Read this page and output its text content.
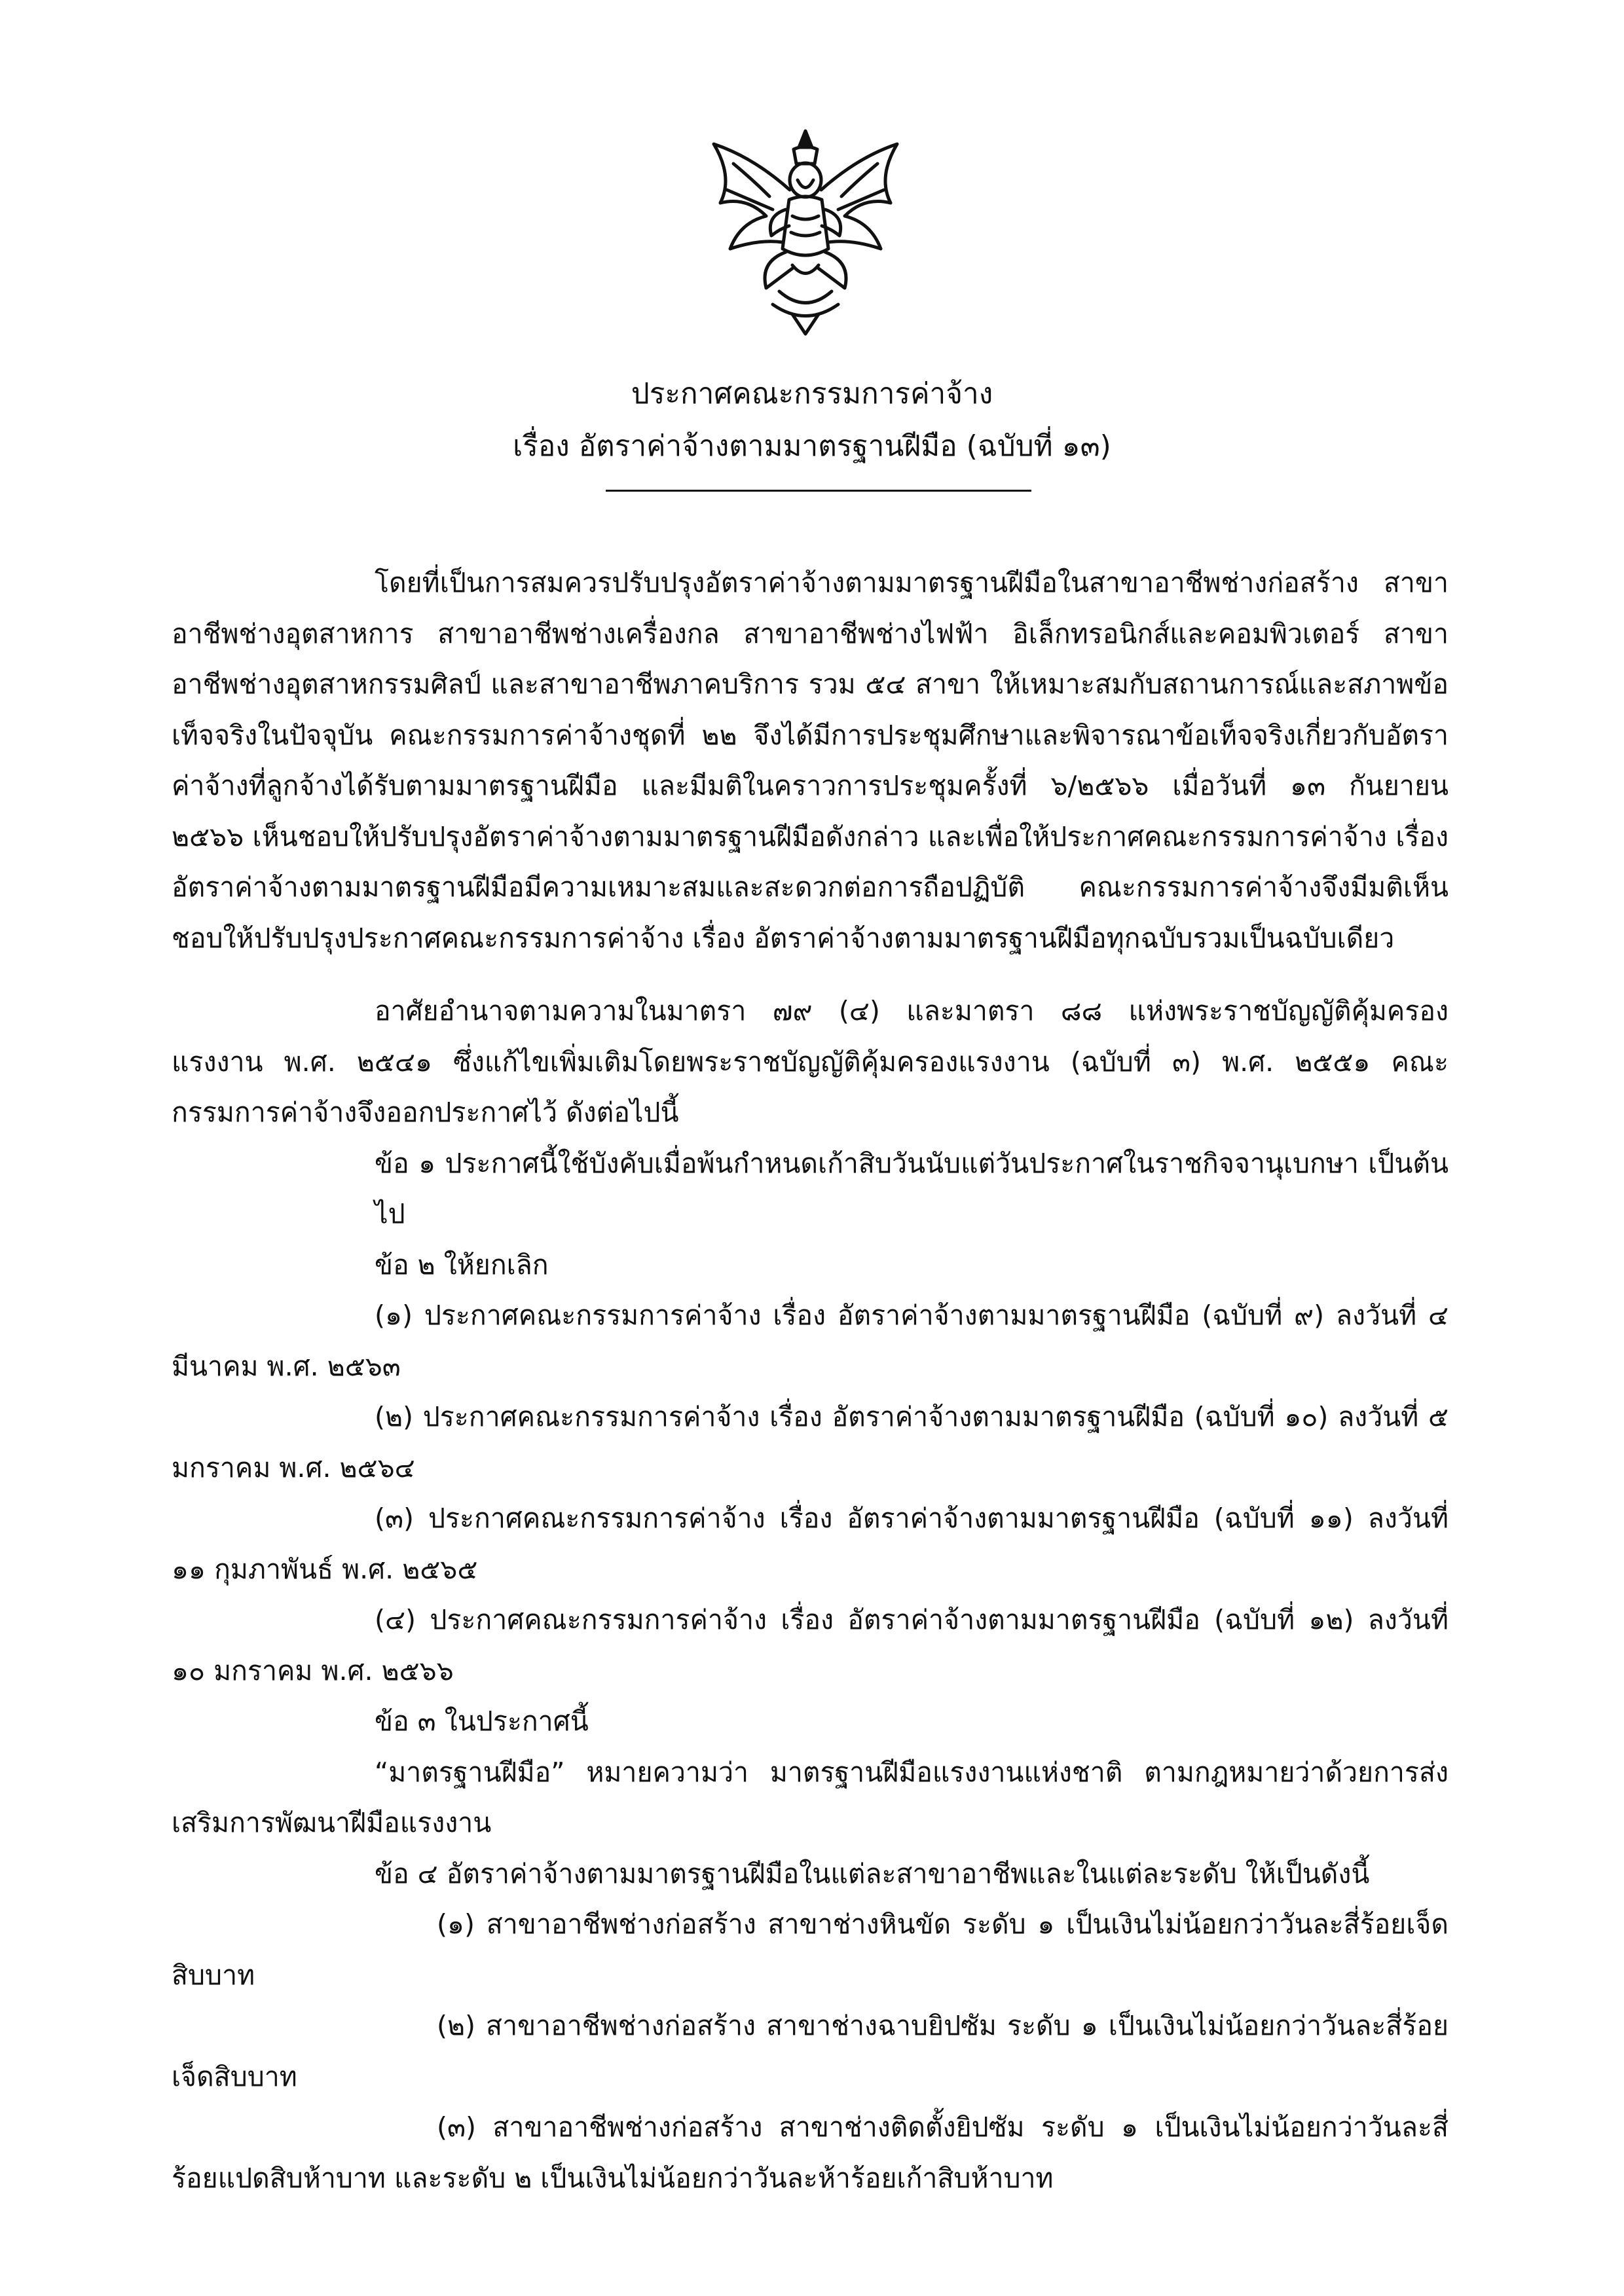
ประกาศคณะกรรมการค่าจ้าง
เรื่อง อัตราค่าจ้างตามมาตรฐานฝีมือ (ฉบับที่ ๑๓)

โดยที่เป็นการสมควรปรับปรุงอัตราค่าจ้างตามมาตรฐานฝีมือในสาขาอาชีพช่างก่อสร้าง สาขาอาชีพช่างอุตสาหการ สาขาอาชีพช่างเครื่องกล สาขาอาชีพช่างไฟฟ้า อิเล็กทรอนิกส์และคอมพิวเตอร์ สาขาอาชีพช่างอุตสาหกรรมศิลป์ และสาขาอาชีพภาคบริการ รวม ๕๔ สาขา ให้เหมาะสมกับสถานการณ์และสภาพข้อเท็จจริงในปัจจุบัน คณะกรรมการค่าจ้างชุดที่ ๒๒ จึงได้มีการประชุมศึกษาและพิจารณาข้อเท็จจริงเกี่ยวกับอัตราค่าจ้างที่ลูกจ้างได้รับตามมาตรฐานฝีมือ และมีมติในคราวการประชุมครั้งที่ ๖/๒๕๖๖ เมื่อวันที่ ๑๓ กันยายน ๒๕๖๖ เห็นชอบให้ปรับปรุงอัตราค่าจ้างตามมาตรฐานฝีมือดังกล่าว และเพื่อให้ประกาศคณะกรรมการค่าจ้าง เรื่อง อัตราค่าจ้างตามมาตรฐานฝีมือมีความเหมาะสมและสะดวกต่อการถือปฏิบัติ คณะกรรมการค่าจ้างจึงมีมติเห็นชอบให้ปรับปรุงประกาศคณะกรรมการค่าจ้าง เรื่อง อัตราค่าจ้างตามมาตรฐานฝีมือทุกฉบับรวมเป็นฉบับเดียว

อาศัยอำนาจตามความในมาตรา ๗๙ (๔) และมาตรา ๘๘ แห่งพระราชบัญญัติคุ้มครองแรงงาน พ.ศ. ๒๕๔๑ ซึ่งแก้ไขเพิ่มเติมโดยพระราชบัญญัติคุ้มครองแรงงาน (ฉบับที่ ๓) พ.ศ. ๒๕๕๑ คณะกรรมการค่าจ้างจึงออกประกาศไว้ ดังต่อไปนี้

ข้อ ๑ ประกาศนี้ใช้บังคับเมื่อพ้นกำหนดเก้าสิบวันนับแต่วันประกาศในราชกิจจานุเบกษา เป็นต้นไป

ข้อ ๒ ให้ยกเลิก

(๑) ประกาศคณะกรรมการค่าจ้าง เรื่อง อัตราค่าจ้างตามมาตรฐานฝีมือ (ฉบับที่ ๙) ลงวันที่ ๔ มีนาคม พ.ศ. ๒๕๖๓

(๒) ประกาศคณะกรรมการค่าจ้าง เรื่อง อัตราค่าจ้างตามมาตรฐานฝีมือ (ฉบับที่ ๑๐) ลงวันที่ ๕ มกราคม พ.ศ. ๒๕๖๔

(๓) ประกาศคณะกรรมการค่าจ้าง เรื่อง อัตราค่าจ้างตามมาตรฐานฝีมือ (ฉบับที่ ๑๑) ลงวันที่ ๑๑ กุมภาพันธ์ พ.ศ. ๒๕๖๕

(๔) ประกาศคณะกรรมการค่าจ้าง เรื่อง อัตราค่าจ้างตามมาตรฐานฝีมือ (ฉบับที่ ๑๒) ลงวันที่ ๑๐ มกราคม พ.ศ. ๒๕๖๖

ข้อ ๓ ในประกาศนี้

“มาตรฐานฝีมือ” หมายความว่า มาตรฐานฝีมือแรงงานแห่งชาติ ตามกฎหมายว่าด้วยการส่งเสริมการพัฒนาฝีมือแรงงาน

ข้อ ๔ อัตราค่าจ้างตามมาตรฐานฝีมือในแต่ละสาขาอาชีพและในแต่ละระดับ ให้เป็นดังนี้

(๑) สาขาอาชีพช่างก่อสร้าง สาขาช่างหินขัด ระดับ ๑ เป็นเงินไม่น้อยกว่าวันละสี่ร้อยเจ็ดสิบบาท

(๒) สาขาอาชีพช่างก่อสร้าง สาขาช่างฉาบยิปซัม ระดับ ๑ เป็นเงินไม่น้อยกว่าวันละสี่ร้อยเจ็ดสิบบาท

(๓) สาขาอาชีพช่างก่อสร้าง สาขาช่างติดตั้งยิปซัม ระดับ ๑ เป็นเงินไม่น้อยกว่าวันละสี่ร้อยแปดสิบห้าบาท และระดับ ๒ เป็นเงินไม่น้อยกว่าวันละห้าร้อยเก้าสิบห้าบาท
